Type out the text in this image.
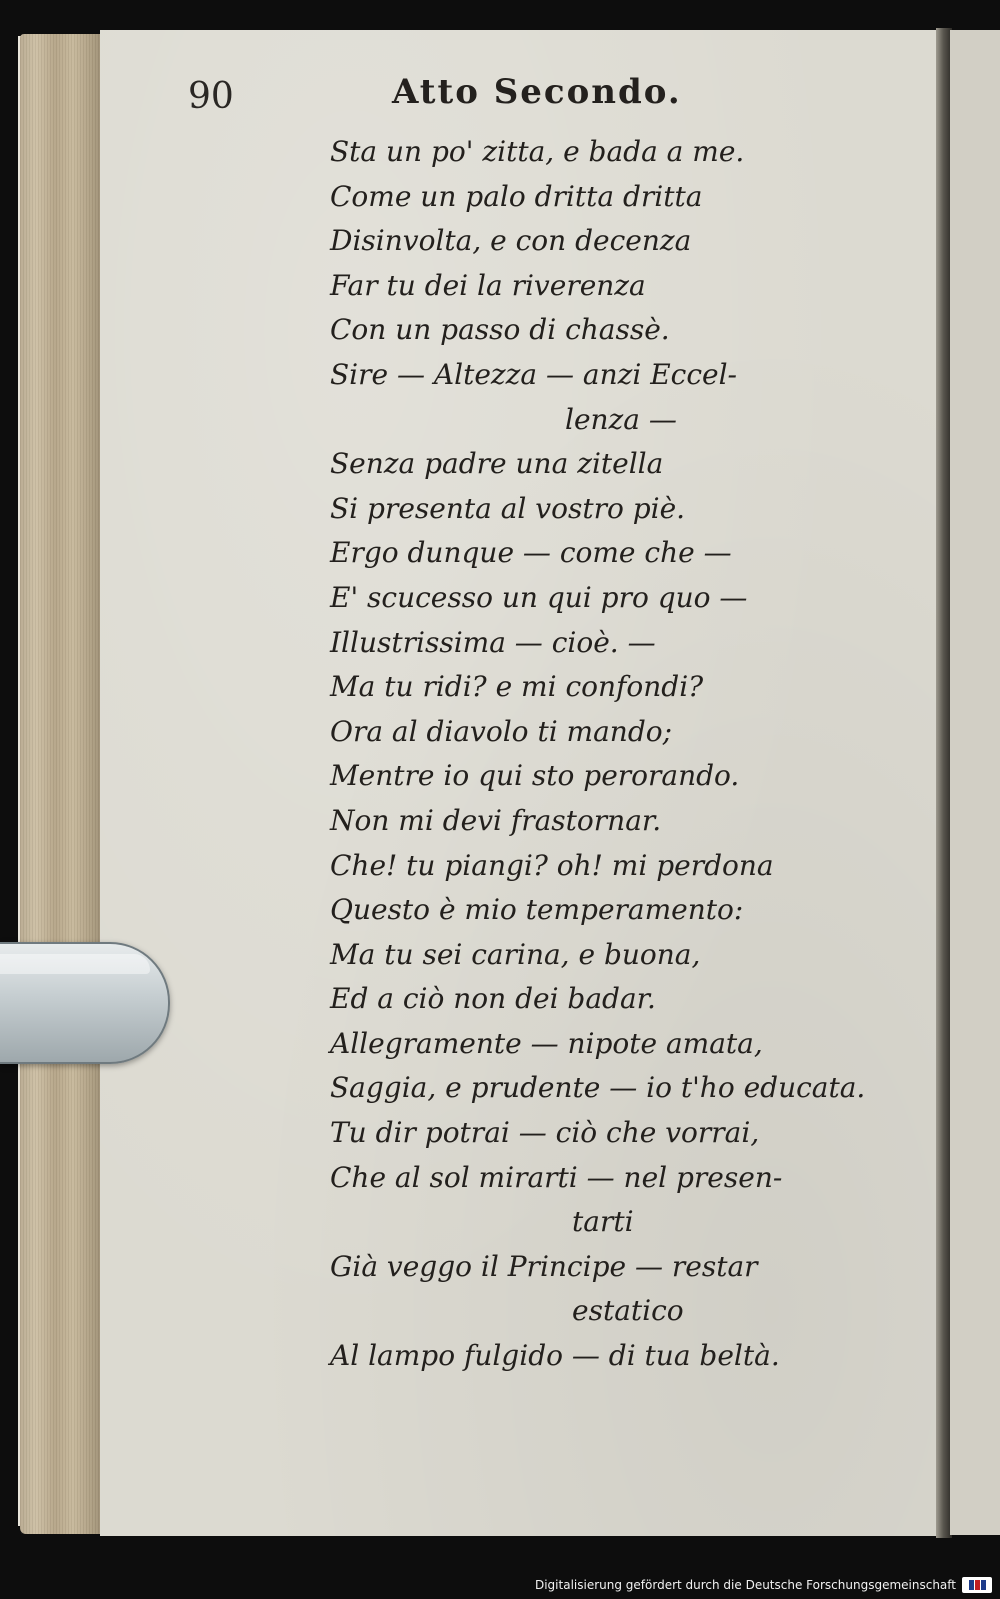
90	Atto Secondo.
Sta un po' zitta, e bada a me.
Come un palo dritta dritta
Disinvolta, e con decenza
Far tu dei la riverenza
Con un passo di chassè.
Sire — Altezza — anzi Eccel-
lenza —
Senza padre una zitella
Si presenta al vostro piè.
Ergo dunque — come che —
E' scucesso un qui pro quo —
Illustrissima — cioè. —
Ma tu ridi? e mi confondi?
Ora al diavolo ti mando;
Mentre io qui sto perorando.
Non mi devi frastornar.
Che! tu piangi? oh! mi perdona
Questo è mio temperamento:
Ma tu sei carina, e buona,
Ed a ciò non dei badar.
Allegramente — nipote amata,
Saggia, e prudente — io t'ho educata.
Tu dir potrai — ciò che vorrai,
Che al sol mirarti — nel presen-
tarti
Già veggo il Principe — restar
estatico
Al lampo fulgido — di tua beltà.
Digitalisierung gefördert durch die Deutsche Forschungsgemeinschaft
